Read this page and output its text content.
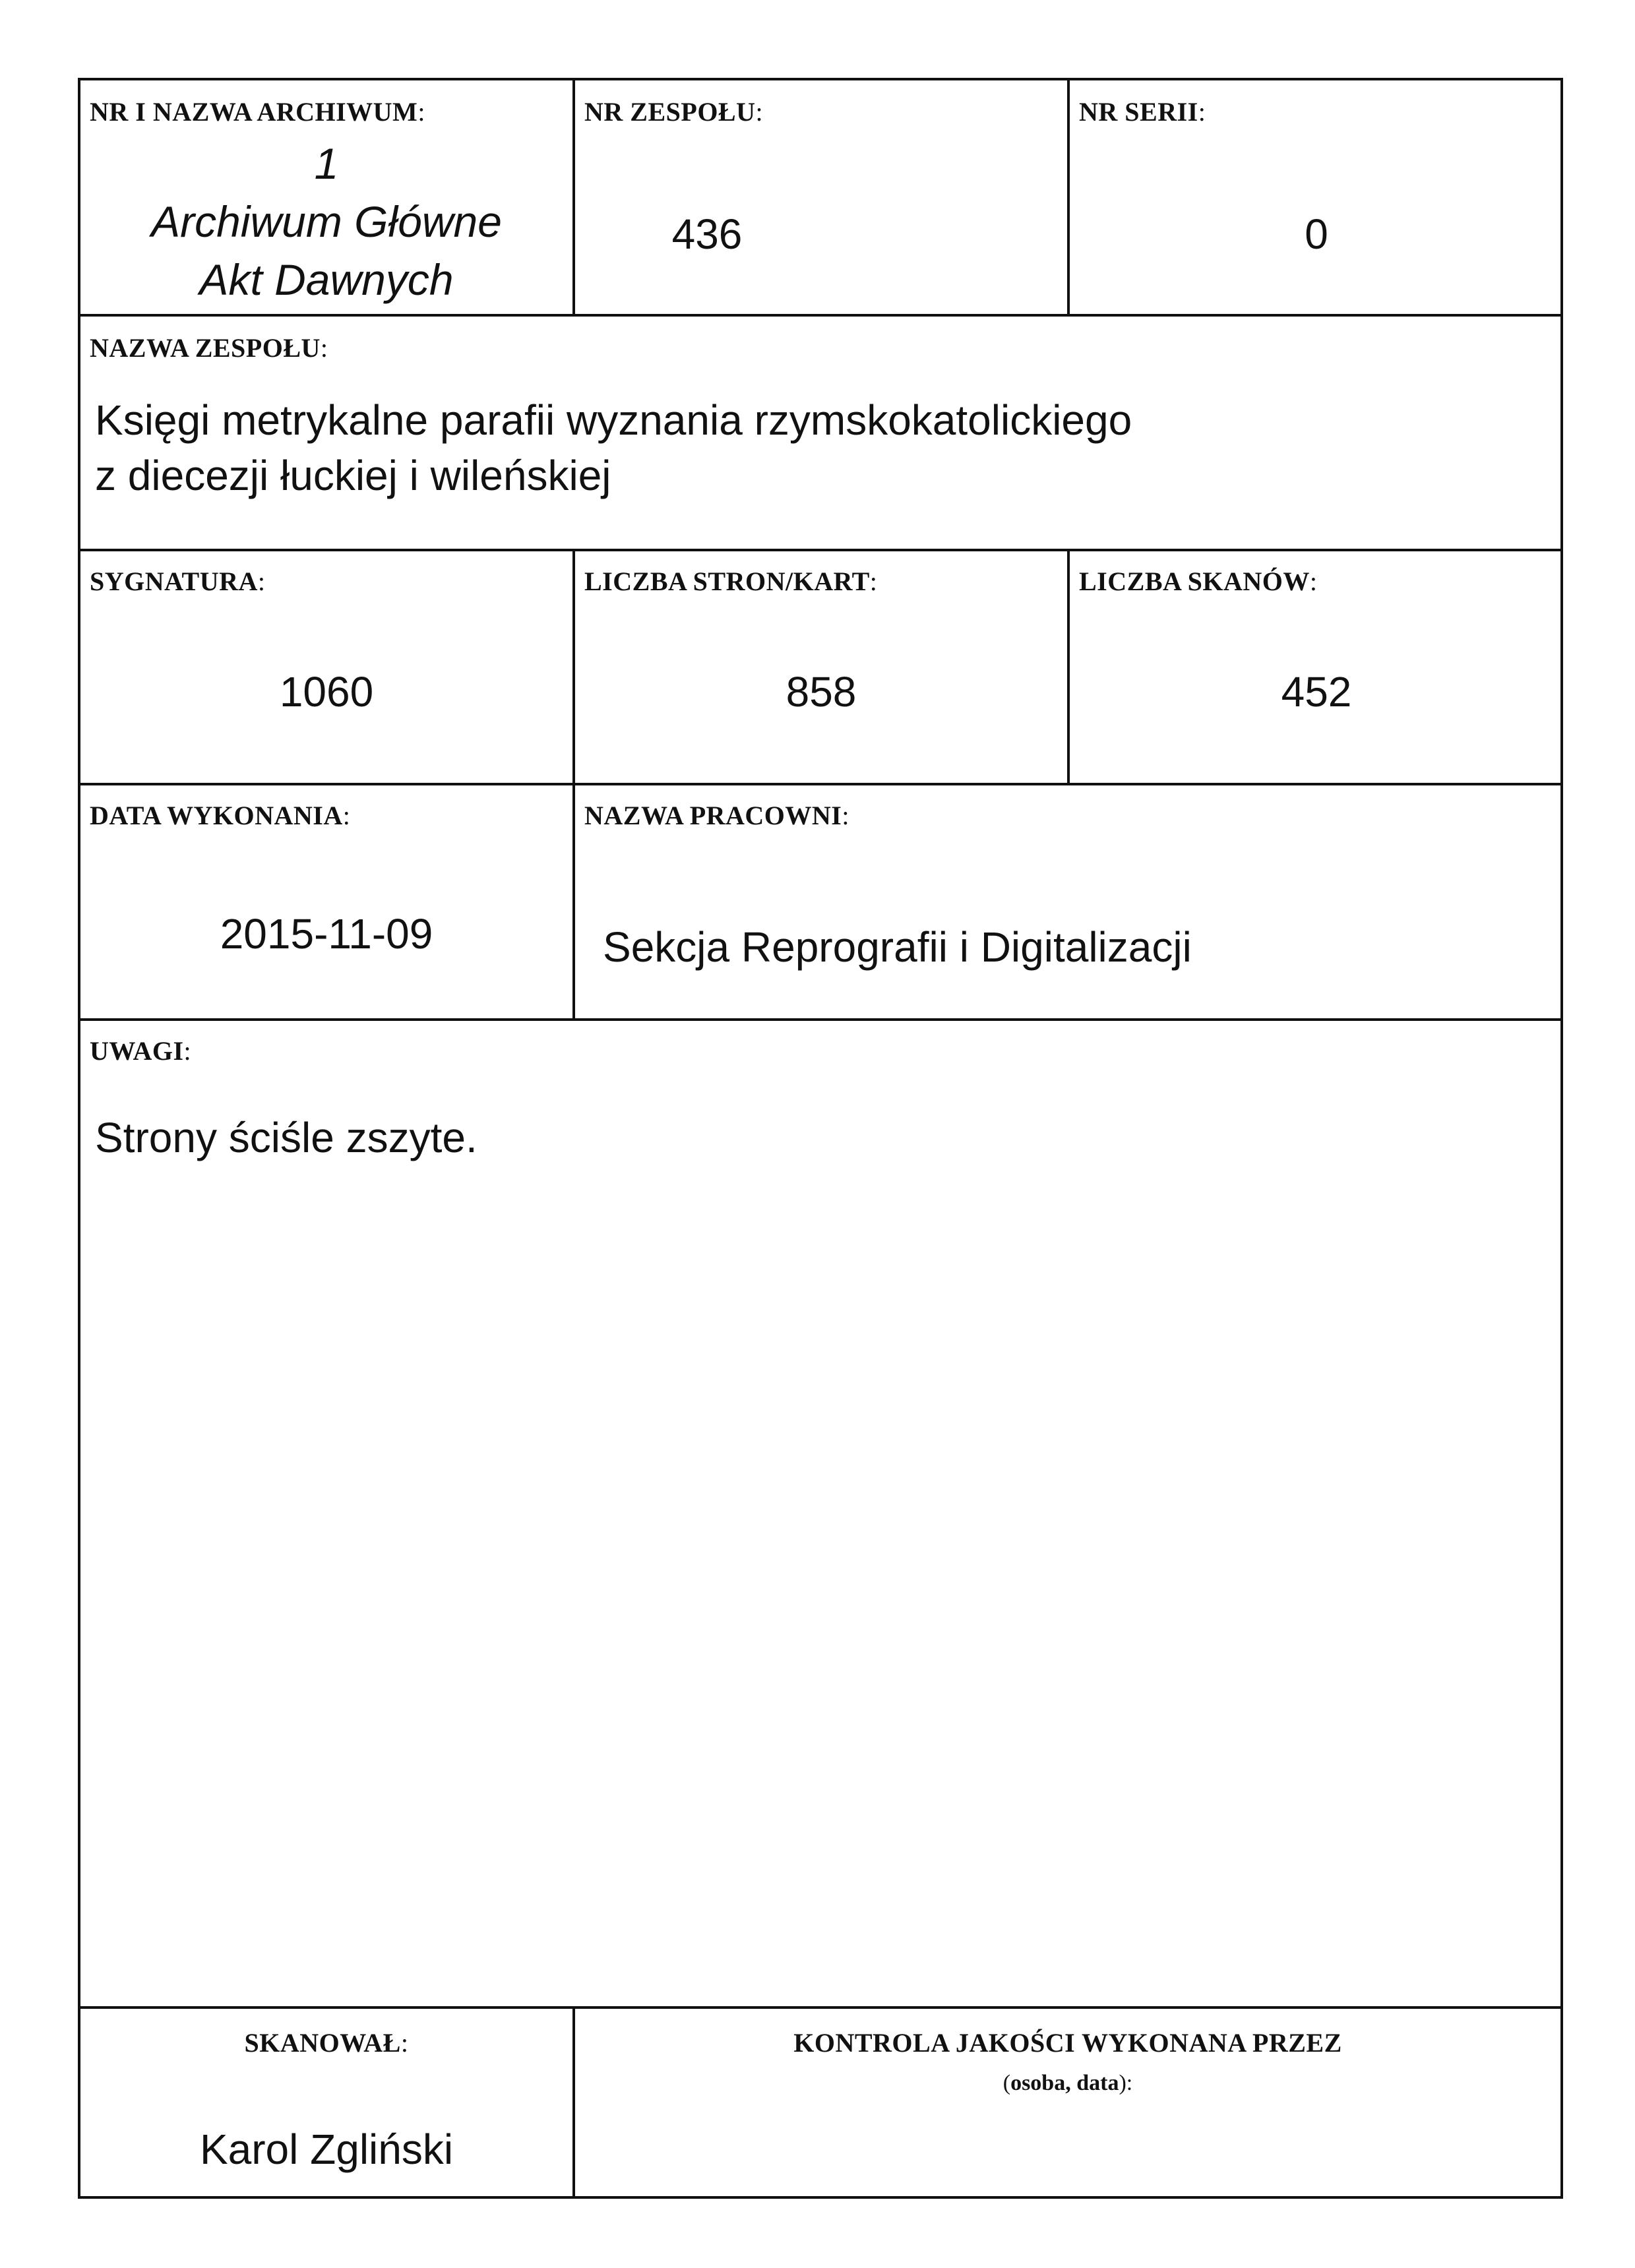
NR I NAZWA ARCHIWUM:
1
Archiwum Główne
Akt Dawnych
NR ZESPOŁU:
436
NR SERII:
0
NAZWA ZESPOŁU:
Księgi metrykalne parafii wyznania rzymskokatolickiego
z diecezji łuckiej i wileńskiej
SYGNATURA:
1060
LICZBA STRON/KART:
858
LICZBA SKANÓW:
452
DATA WYKONANIA:
2015-11-09
NAZWA PRACOWNI:
Sekcja Reprografii i Digitalizacji
UWAGI:
Strony ściśle zszyte.
SKANOWAŁ:
Karol Zgliński
KONTROLA JAKOŚCI WYKONANA PRZEZ
(osoba, data):
